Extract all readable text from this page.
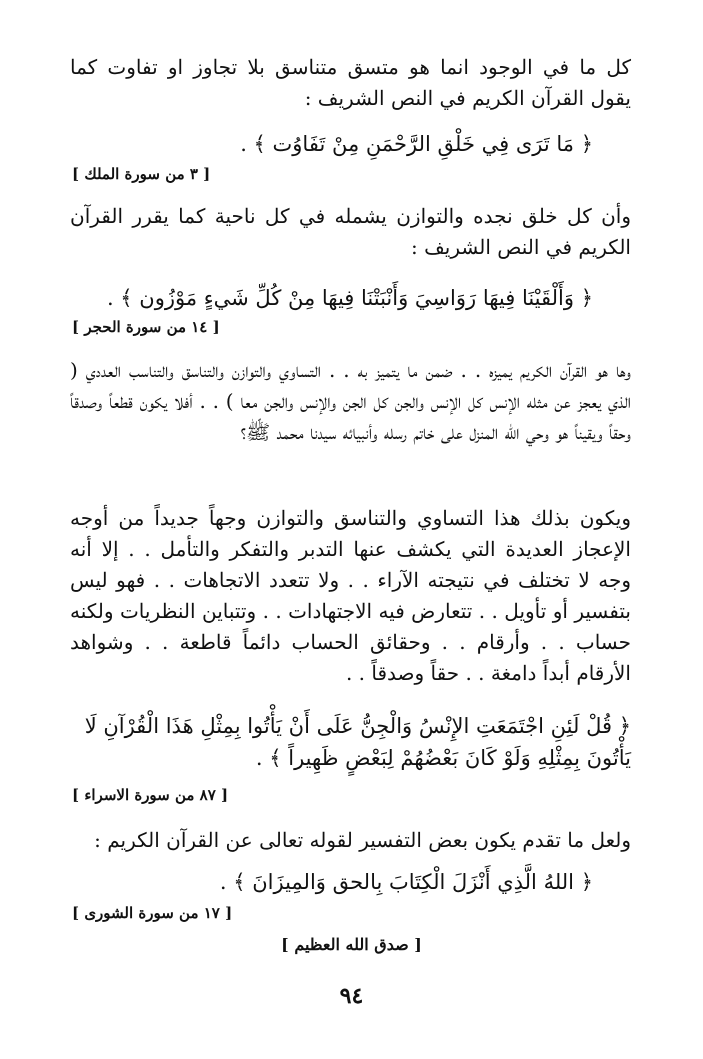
كل ما في الوجود انما هو متسق متناسق بلا تجاوز او تفاوت كما يقول القرآن الكريم في النص الشريف :
﴿ مَا تَرَى فِي خَلْقِ الرَّحْمَنِ مِنْ تَفَاوُت ﴾ .
[ ٣ من سورة الملك ]
وأن كل خلق نجده والتوازن يشمله في كل ناحية كما يقرر القرآن الكريم في النص الشريف :
﴿ وَأَلْقَيْنَا فِيهَا رَوَاسِيَ وَأَنْبَتْنَا فِيهَا مِنْ كُلِّ شَيءٍ مَوْزُون ﴾ .
[ ١٤ من سورة الحجر ]
وها هو القرآن الكريم يميزه . . ضمن ما يتميز به . . التساوي والتوازن والتناسق والتناسب العددي ( الذي يعجز عن مثله الإنس كل الإنس والجن كل الجن والإنس والجن معا ) . . أفلا يكون قطعاً وصدقاً وحقاً ويقيناً هو وحي الله المنزل على خاتم رسله وأنبيائه سيدنا محمد ﷺ؟
ويكون بذلك هذا التساوي والتناسق والتوازن وجهاً جديداً من أوجه الإعجاز العديدة التي يكشف عنها التدبر والتفكر والتأمل . . إلا أنه وجه لا تختلف في نتيجته الآراء . . ولا تتعدد الاتجاهات . . فهو ليس بتفسير أو تأويل . . تتعارض فيه الاجتهادات . . وتتباين النظريات ولكنه حساب . . وأرقام . . وحقائق الحساب دائماً قاطعة . . وشواهد الأرقام أبداً دامغة . . حقاً وصدقاً . .
﴿ قُلْ لَئِنِ اجْتَمَعَتِ الإِنْسُ وَالْجِنُّ عَلَى أَنْ يَأْتُوا بِمِثْلِ هَذَا الْقُرْآنِ لَا يَأْتُونَ بِمِثْلِهِ وَلَوْ كَانَ بَعْضُهُمْ لِبَعْضٍ ظَهِيراً ﴾ .
[ ٨٧ من سورة الاسراء ]
ولعل ما تقدم يكون بعض التفسير لقوله تعالى عن القرآن الكريم :
﴿ اللهُ الَّذِي أَنْزَلَ الْكِتَابَ بِالحق وَالمِيزَانَ ﴾ .
[ ١٧ من سورة الشورى ]
[ صدق الله العظيم ]
٩٤
